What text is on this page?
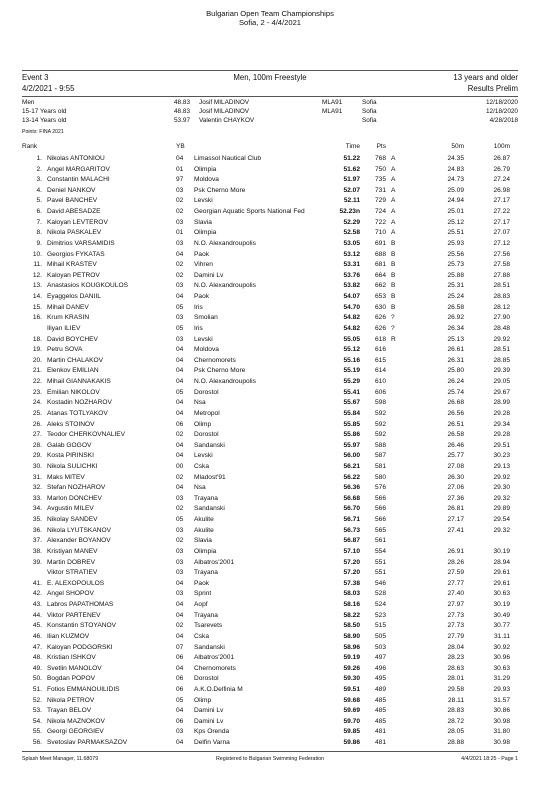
Bulgarian Open Team Championships
Sofia, 2 - 4/4/2021
Event 3	Men, 100m Freestyle	13 years and older
4/2/2021 - 9:55	Results Prelim
Men	48.83 Josif MILADINOV	MLA91	Sofia	12/18/2020
15-17 Years old	48.83 Josif MILADINOV	MLA91	Sofia	12/18/2020
13-14 Years old	53.97 Valentin CHAYKOV	Sofia	4/28/2018
Points: FINA 2021
Rank	YB	Time	Pts	50m	100m
1. Nikolas ANTONIOU	04 Limassol Nautical Club	51.22	768 A	24.35	26.87
2. Angel MARGARITOV	01 Olimpia	51.62	750 A	24.83	26.79
3. Constantin MALACHI	97 Moldova	51.97	735 A	24.73	27.24
4. Deniel NANKOV	03 Psk Cherno More	52.07	731 A	25.09	26.98
5. Pavel BANCHEV	02 Levski	52.11	729 A	24.94	27.17
6. David ABESADZE	02 Georgian Aquatic Sports National Fed	52.23n	724 A	25.01	27.22
7. Kaloyan LEVTEROV	03 Slavia	52.29	722 A	25.12	27.17
8. Nikola PASKALEV	01 Olimpia	52.58	710 A	25.51	27.07
9. Dimitrios VARSAMIDIS	03 N.O. Alexandroupolis	53.05	691 B	25.93	27.12
10. Georgios FYKATAS	04 Paok	53.12	688 B	25.56	27.56
11. Mihail KRASTEV	02 Vihren	53.31	681 B	25.73	27.58
12. Kaloyan PETROV	02 Damini Lv	53.76	664 B	25.88	27.88
13. Anastasios KOUGKOULOS	03 N.O. Alexandroupolis	53.82	662 B	25.31	28.51
14. Eyaggelos DANIIL	04 Paok	54.07	653 B	25.24	28.83
15. Mihail DANEV	05 Iris	54.70	630 B	26.58	28.12
16. Krum KRASIN	03 Smolian	54.82	626 ?	26.92	27.90
Iliyan ILIEV	05 Iris	54.82	626 ?	26.34	28.48
18. David BOYCHEV	03 Levski	55.05	618 R	25.13	29.92
19. Petru SOVA	04 Moldova	55.12	616	26.61	28.51
20. Martin CHALAKOV	04 Chernomorets	55.16	615	26.31	28.85
21. Elenkov EMILIAN	04 Psk Cherno More	55.19	614	25.80	29.39
22. Mihail GIANNAKAKIS	04 N.O. Alexandroupolis	55.29	610	26.24	29.05
23. Emilian NIKOLOV	05 Dorostol	55.41	606	25.74	29.67
24. Kostadin NOZHAROV	04 Nsa	55.67	598	26.68	28.99
25. Atanas TOTLYAKOV	04 Metropol	55.84	592	26.56	29.28
26. Aleks STOINOV	06 Olimp	55.85	592	26.51	29.34
27. Teodor CHERKOVNALIEV	02 Dorostol	55.86	592	26.58	29.28
28. Galab GOGOV	04 Sandanski	55.97	588	26.46	29.51
29. Kosta PIRINSKI	04 Levski	56.00	587	25.77	30.23
30. Nikola SULICHKI	00 Cska	56.21	581	27.08	29.13
31. Maks MITEV	02 Mladost'91	56.22	580	26.30	29.92
32. Stefan NOZHAROV	04 Nsa	56.36	576	27.06	29.30
33. Marlon DONCHEV	03 Trayana	56.68	566	27.36	29.32
34. Avgustin MILEV	02 Sandanski	56.70	566	26.81	29.89
35. Nikolay SANDEV	05 Akulite	56.71	566	27.17	29.54
36. Nikola LYUTSKANOV	03 Akulite	56.73	565	27.41	29.32
37. Alexander BOYANOV	02 Slavia	56.87	561
38. Kristiyan MANEV	03 Olimpia	57.10	554	26.91	30.19
39. Martin DOBREV	03 Albatros'2001	57.20	551	28.26	28.94
Viktor STRATIEV	03 Trayana	57.20	551	27.59	29.61
41. E. ALEXOPOULOS	04 Paok	57.38	546	27.77	29.61
42. Angel SHOPOV	03 Sprint	58.03	528	27.40	30.63
43. Labros PAPATHOMAS	04 Aopf	58.16	524	27.97	30.19
44. Viktor PARTENEV	04 Trayana	58.22	523	27.73	30.49
45. Konstantin STOYANOV	02 Tsarevets	58.50	515	27.73	30.77
46. Ilian KUZMOV	04 Cska	58.90	505	27.79	31.11
47. Kaloyan PODGORSKI	07 Sandanski	58.96	503	28.04	30.92
48. Kristian ISHKOV	06 Albatros'2001	59.19	497	28.23	30.96
49. Svetlin MANOLOV	04 Chernomorets	59.26	496	28.63	30.63
50. Bogdan POPOV	06 Dorostol	59.30	495	28.01	31.29
51. Fotios EMMANOUILIDIS	06 A.K.O.Delfinia M	59.51	489	29.58	29.93
52. Nikola PETROV	05 Olimp	59.68	485	28.11	31.57
53. Trayan BELOV	04 Damini Lv	59.69	485	28.83	30.86
54. Nikola MAZNOKOV	06 Damini Lv	59.70	485	28.72	30.98
55. Georgi GEORGIEV	03 Kps Orenda	59.85	481	28.05	31.80
56. Svetoslav PARMAKSAZOV	04 Delfin Varna	59.86	481	28.88	30.98
Splash Meet Manager, 11.68079	Registered to Bulgarian Swimming Federation	4/4/2021 18:25 - Page 1
